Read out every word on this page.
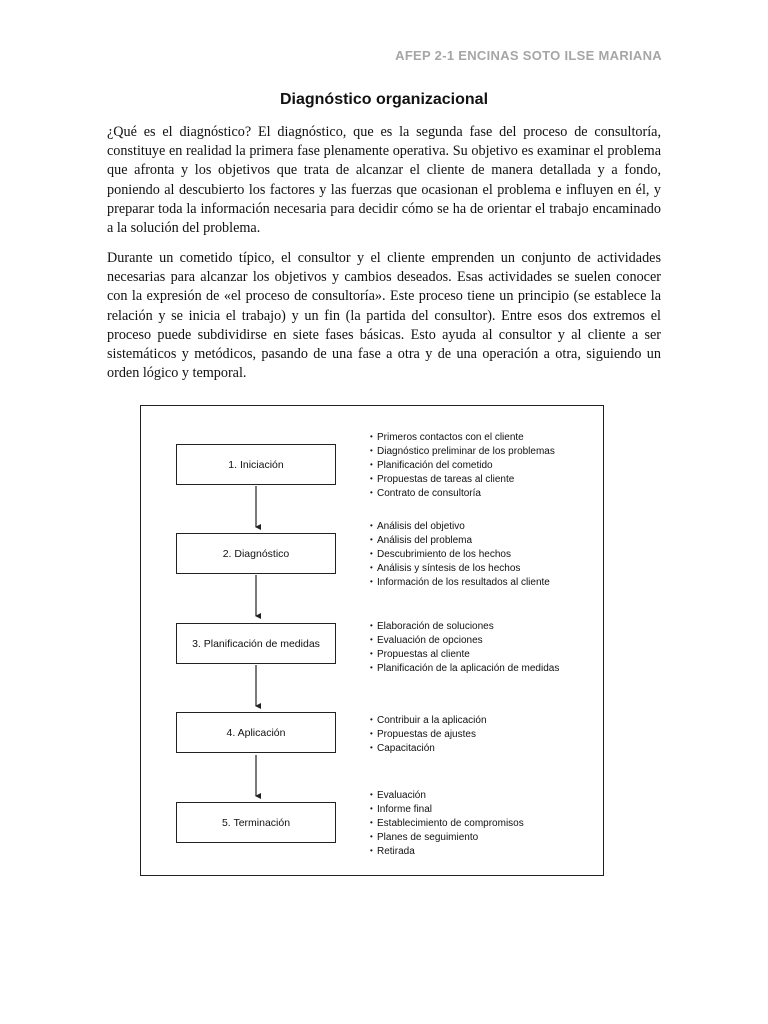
AFEP 2-1 ENCINAS SOTO ILSE MARIANA
Diagnóstico organizacional

¿Qué es el diagnóstico? El diagnóstico, que es la segunda fase del proceso de consultoría, constituye en realidad la primera fase plenamente operativa. Su objetivo es examinar el problema que afronta y los objetivos que trata de alcanzar el cliente de manera detallada y a fondo, poniendo al descubierto los factores y las fuerzas que ocasionan el problema e influyen en él, y preparar toda la información necesaria para decidir cómo se ha de orientar el trabajo encaminado a la solución del problema.

Durante un cometido típico, el consultor y el cliente emprenden un conjunto de actividades necesarias para alcanzar los objetivos y cambios deseados. Esas actividades se suelen conocer con la expresión de «el proceso de consultoría». Este proceso tiene un principio (se establece la relación y se inicia el trabajo) y un fin (la partida del consultor). Entre esos dos extremos el proceso puede subdividirse en siete fases básicas. Esto ayuda al consultor y al cliente a ser sistemáticos y metódicos, pasando de una fase a otra y de una operación a otra, siguiendo un orden lógico y temporal.

1. Iniciación
• Primeros contactos con el cliente
• Diagnóstico preliminar de los problemas
• Planificación del cometido
• Propuestas de tareas al cliente
• Contrato de consultoría
2. Diagnóstico
• Análisis del objetivo
• Análisis del problema
• Descubrimiento de los hechos
• Análisis y síntesis de los hechos
• Información de los resultados al cliente
3. Planificación de medidas
• Elaboración de soluciones
• Evaluación de opciones
• Propuestas al cliente
• Planificación de la aplicación de medidas
4. Aplicación
• Contribuir a la aplicación
• Propuestas de ajustes
• Capacitación
5. Terminación
• Evaluación
• Informe final
• Establecimiento de compromisos
• Planes de seguimiento
• Retirada
